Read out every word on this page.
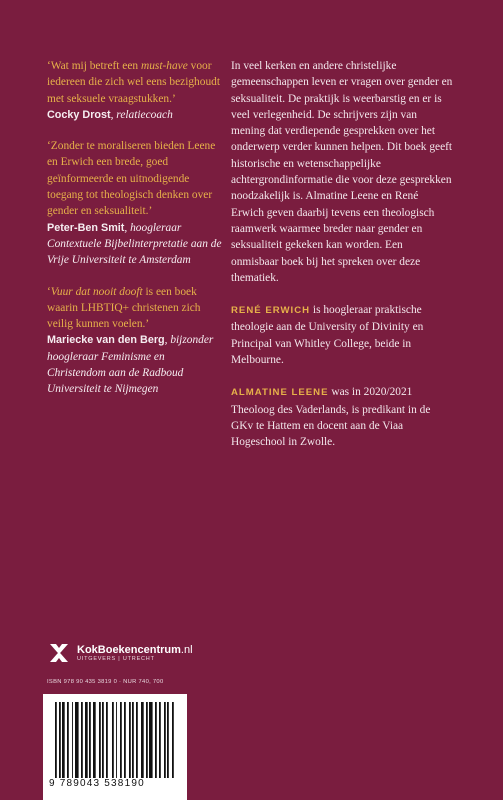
‘Wat mij betreft een must-have voor iedereen die zich wel eens bezighoudt met seksuele vraagstukken.’

Cocky Drost, relatiecoach

‘Zonder te moraliseren bieden Leene en Erwich een brede, goed geïnformeerde en uitnodigende toegang tot theologisch denken over gender en seksualiteit.’

Peter-Ben Smit, hoogleraar Contextuele Bijbelinterpretatie aan de Vrije Universiteit te Amsterdam

‘Vuur dat nooit dooft is een boek waarin LHBTIQ+ christenen zich veilig kunnen voelen.’

Mariecke van den Berg, bijzonder hoogleraar Feminisme en Christendom aan de Radboud Universiteit te Nijmegen

In veel kerken en andere christelijke gemeenschappen leven er vragen over gender en seksualiteit. De praktijk is weerbarstig en er is veel verlegenheid. De schrijvers zijn van mening dat verdiepende gesprekken over het onderwerp verder kunnen helpen. Dit boek geeft historische en wetenschappelijke achtergrondinformatie die voor deze gesprekken noodzakelijk is. Almatine Leene en René Erwich geven daarbij tevens een theologisch raamwerk waarmee breder naar gender en seksualiteit gekeken kan worden. Een onmisbaar boek bij het spreken over deze thematiek.

RENÉ ERWICH is hoogleraar praktische theologie aan de University of Divinity en Principal van Whitley College, beide in Melbourne.

ALMATINE LEENE was in 2020/2021 Theoloog des Vaderlands, is predikant in de GKv te Hattem en docent aan de Viaa Hogeschool in Zwolle.

KokBoekencentrum.nl
UITGEVERS | UTRECHT
ISBN 978 90 435 3819 0 · NUR 740, 700
9 789043 538190
